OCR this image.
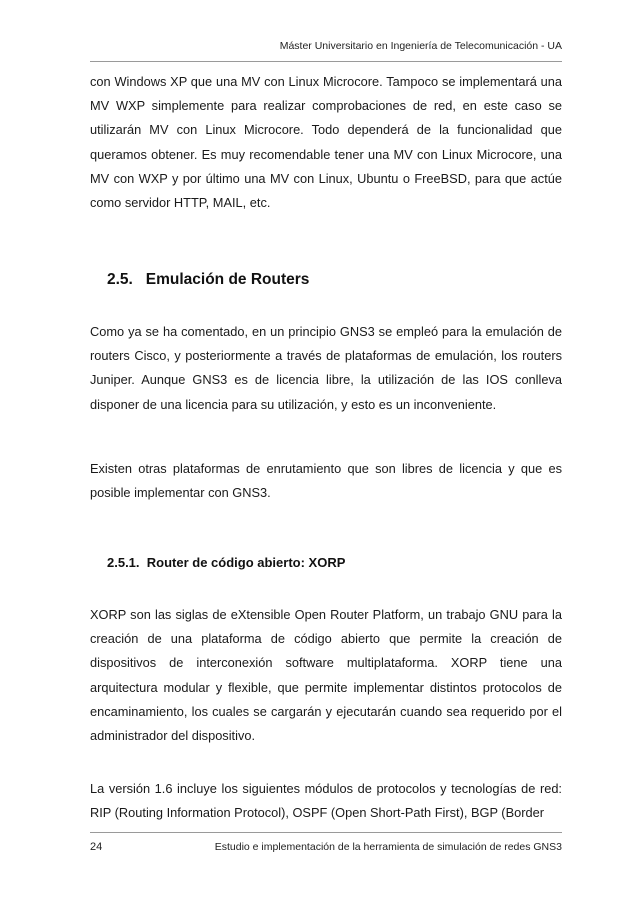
Máster Universitario en Ingeniería de Telecomunicación - UA
con Windows XP que una MV con Linux Microcore. Tampoco se implementará una MV WXP simplemente para realizar comprobaciones de red, en este caso se utilizarán MV con Linux Microcore. Todo dependerá de la funcionalidad que queramos obtener. Es muy recomendable tener una MV con Linux Microcore, una MV con WXP y por último una MV con Linux, Ubuntu o FreeBSD, para que actúe como servidor HTTP, MAIL, etc.
2.5.   Emulación de Routers
Como ya se ha comentado, en un principio GNS3 se empleó para la emulación de routers Cisco, y posteriormente a través de plataformas de emulación, los routers Juniper. Aunque GNS3 es de licencia libre, la utilización de las IOS conlleva disponer de una licencia para su utilización, y esto es un inconveniente.
Existen otras plataformas de enrutamiento que son libres de licencia y que es posible implementar con GNS3.
2.5.1.  Router de código abierto: XORP
XORP son las siglas de eXtensible Open Router Platform, un trabajo GNU para la creación de una plataforma de código abierto que permite la creación de dispositivos de interconexión software multiplataforma. XORP tiene una arquitectura modular y flexible, que permite implementar distintos protocolos de encaminamiento, los cuales se cargarán y ejecutarán cuando sea requerido por el administrador del dispositivo.
La versión 1.6 incluye los siguientes módulos de protocolos y tecnologías de red: RIP (Routing Information Protocol), OSPF (Open Short-Path First), BGP (Border
24	Estudio e implementación de la herramienta de simulación de redes GNS3
